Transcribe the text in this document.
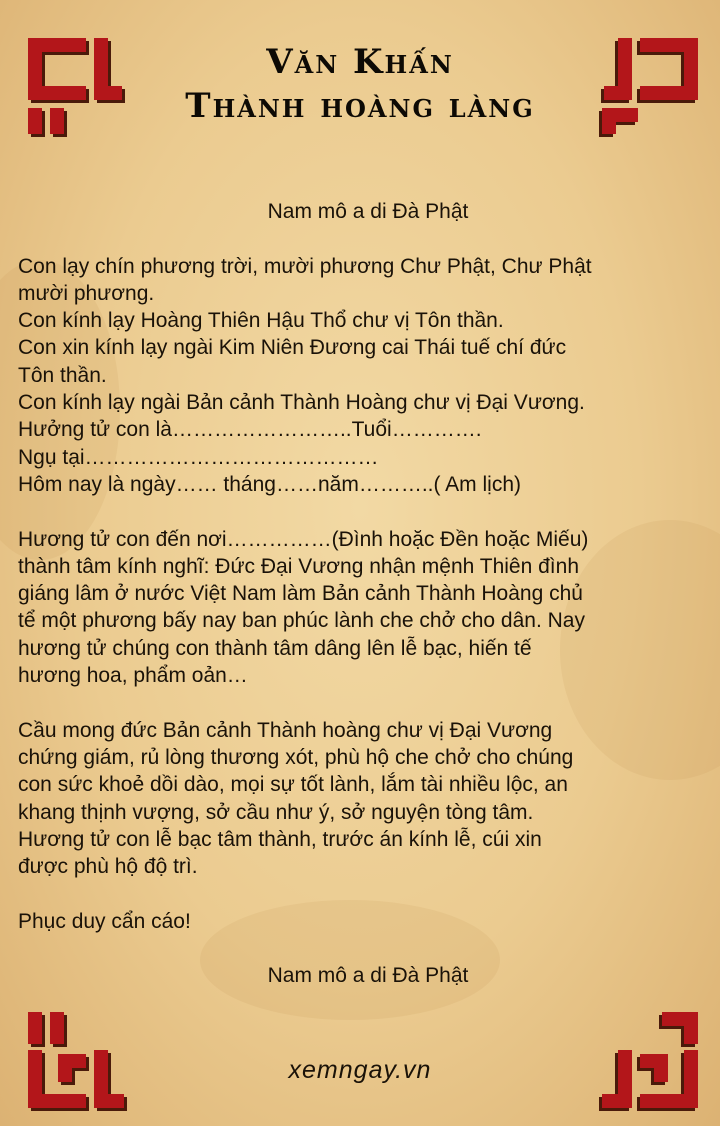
Văn Khấn
Thành hoàng làng

Nam mô a di Đà Phật

Con lạy chín phương trời, mười phương Chư Phật, Chư Phật

mười phương.

Con kính lạy Hoàng Thiên Hậu Thổ chư vị Tôn thần.

Con xin kính lạy ngài Kim Niên Đương cai Thái tuế chí đức

Tôn thần.

Con kính lạy ngài Bản cảnh Thành Hoàng chư vị Đại Vương.

Hưởng tử con là……………………..Tuổi………….

Ngụ tại……………………………………

Hôm nay là ngày…… tháng……năm………..( Am lịch)

Hương tử con đến nơi……………(Đình hoặc Đền hoặc Miếu)

thành tâm kính nghĩ: Đức Đại Vương nhận mệnh Thiên đình

giáng lâm ở nước Việt Nam làm Bản cảnh Thành Hoàng chủ

tể một phương bấy nay ban phúc lành che chở cho dân. Nay

hương tử chúng con thành tâm dâng lên lễ bạc, hiến tế

hương hoa, phẩm oản…

Cầu mong đức Bản cảnh Thành hoàng chư vị Đại Vương

chứng giám, rủ lòng thương xót, phù hộ che chở cho chúng

con sức khoẻ dồi dào, mọi sự tốt lành, lắm tài nhiều lộc, an

khang thịnh vượng, sở cầu như ý, sở nguyện tòng tâm.

Hương tử con lễ bạc tâm thành, trước án kính lễ, cúi xin

được phù hộ độ trì.

Phục duy cẩn cáo!

Nam mô a di Đà Phật

xemngay.vn
